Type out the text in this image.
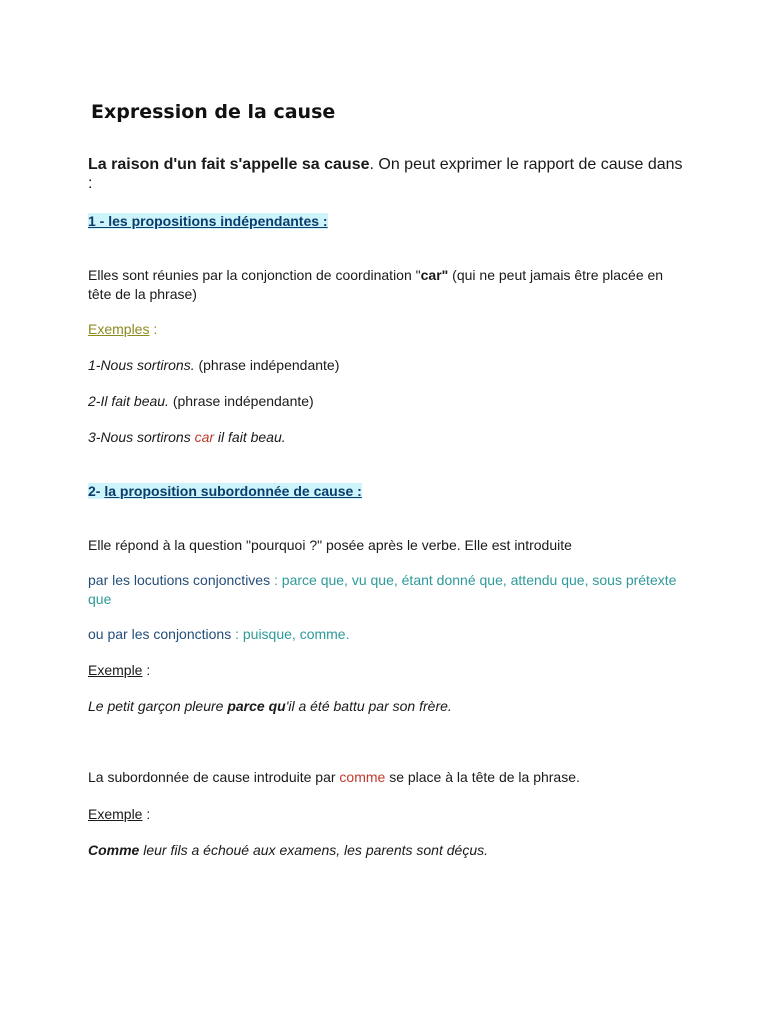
Expression de la cause
La raison d'un fait s'appelle sa cause. On peut exprimer le rapport de cause dans :
1 - les propositions indépendantes :
Elles sont réunies par la conjonction de coordination "car" (qui ne peut jamais être placée en tête de la phrase)
Exemples :
1-Nous sortirons. (phrase indépendante)
2-Il fait beau. (phrase indépendante)
3-Nous sortirons car il fait beau.
2- la proposition subordonnée de cause :
Elle répond à la question "pourquoi ?" posée après le verbe. Elle est introduite
par les locutions conjonctives : parce que, vu que, étant donné que, attendu que, sous prétexte que
ou par les conjonctions : puisque, comme.
Exemple :
Le petit garçon pleure parce qu'il a été battu par son frère.
La subordonnée de cause introduite par comme se place à la tête de la phrase.
Exemple :
Comme leur fils a échoué aux examens, les parents sont déçus.
